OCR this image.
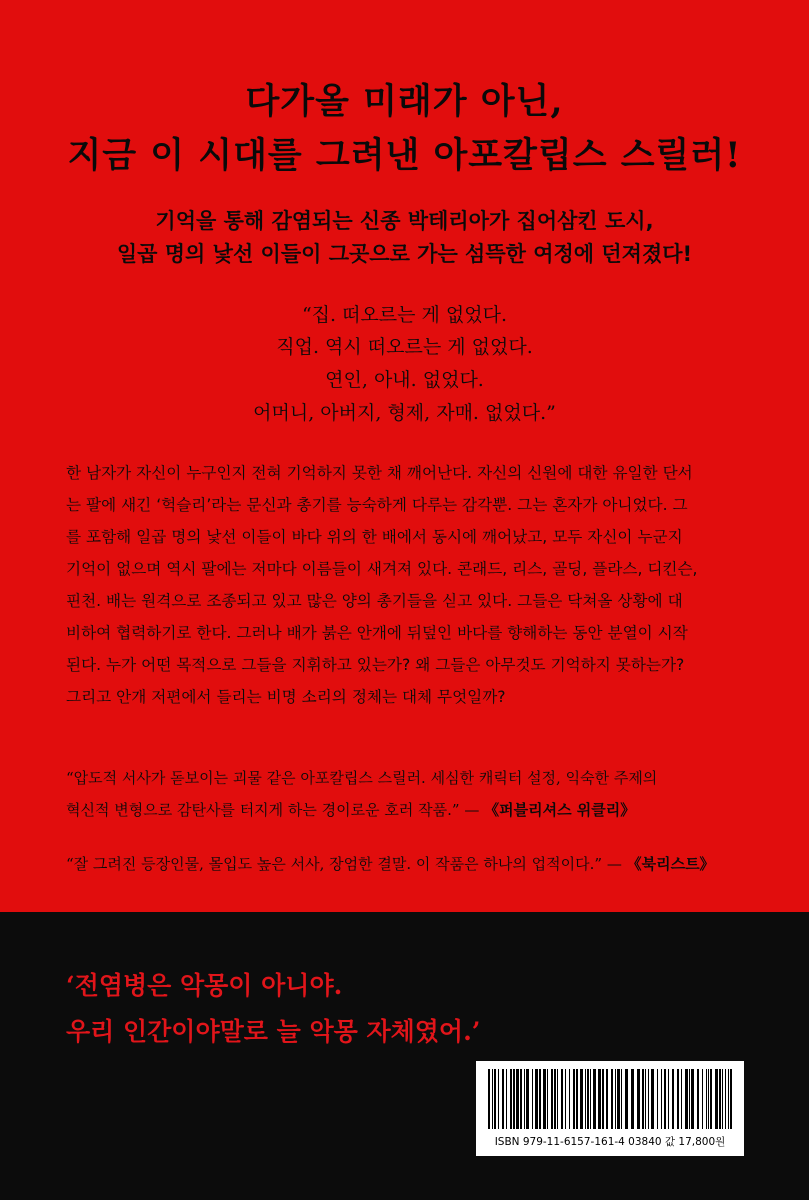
다가올 미래가 아닌,
지금 이 시대를 그려낸 아포칼립스 스릴러!
기억을 통해 감염되는 신종 박테리아가 집어삼킨 도시,
일곱 명의 낯선 이들이 그곳으로 가는 섬뜩한 여정에 던져졌다!
“집. 떠오르는 게 없었다.
직업. 역시 떠오르는 게 없었다.
연인, 아내. 없었다.
어머니, 아버지, 형제, 자매. 없었다.”
한 남자가 자신이 누구인지 전혀 기억하지 못한 채 깨어난다. 자신의 신원에 대한 유일한 단서
는 팔에 새긴 ‘헉슬리’라는 문신과 총기를 능숙하게 다루는 감각뿐. 그는 혼자가 아니었다. 그
를 포함해 일곱 명의 낯선 이들이 바다 위의 한 배에서 동시에 깨어났고, 모두 자신이 누군지
기억이 없으며 역시 팔에는 저마다 이름들이 새겨져 있다. 콘래드, 리스, 골딩, 플라스, 디킨슨,
핀천. 배는 원격으로 조종되고 있고 많은 양의 총기들을 싣고 있다. 그들은 닥쳐올 상황에 대
비하여 협력하기로 한다. 그러나 배가 붉은 안개에 뒤덮인 바다를 향해하는 동안 분열이 시작
된다. 누가 어떤 목적으로 그들을 지휘하고 있는가? 왜 그들은 아무것도 기억하지 못하는가?
그리고 안개 저편에서 들리는 비명 소리의 정체는 대체 무엇일까?
“압도적 서사가 돋보이는 괴물 같은 아포칼립스 스릴러. 세심한 캐릭터 설정, 익숙한 주제의
혁신적 변형으로 감탄사를 터지게 하는 경이로운 호러 작품.” — 《퍼블리셔스 위클리》
“잘 그려진 등장인물, 몰입도 높은 서사, 장엄한 결말. 이 작품은 하나의 업적이다.” — 《북리스트》
‘전염병은 악몽이 아니야.
우리 인간이야말로 늘 악몽 자체였어.’
ISBN 979-11-6157-161-4 03840 값 17,800원
